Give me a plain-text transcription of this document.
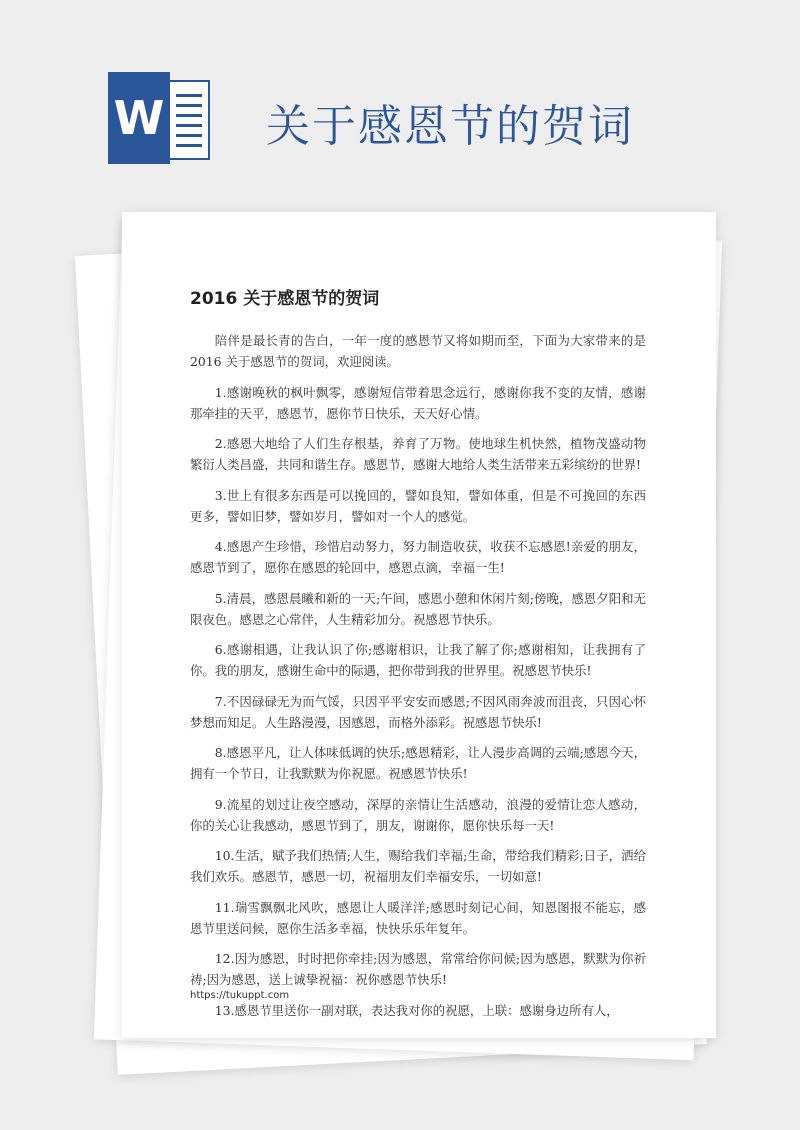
W 关于感恩节的贺词
2016 关于感恩节的贺词

陪伴是最长青的告白，一年一度的感恩节又将如期而至，下面为大家带来的是 2016 关于感恩节的贺词，欢迎阅读。

1.感谢晚秋的枫叶飘零，感谢短信带着思念远行，感谢你我不变的友情，感谢那牵挂的天平，感恩节，愿你节日快乐，天天好心情。

2.感恩大地给了人们生存根基，养育了万物。使地球生机快然，植物茂盛动物繁衍人类昌盛，共同和谐生存。感恩节，感谢大地给人类生活带来五彩缤纷的世界!

3.世上有很多东西是可以挽回的，譬如良知，譬如体重，但是不可挽回的东西更多，譬如旧梦，譬如岁月，譬如对一个人的感觉。

4.感恩产生珍惜，珍惜启动努力，努力制造收获，收获不忘感恩!亲爱的朋友，感恩节到了，愿你在感恩的轮回中，感恩点滴，幸福一生!

5.清晨，感恩晨曦和新的一天;午间，感恩小憩和休闲片刻;傍晚，感恩夕阳和无限夜色。感恩之心常伴，人生精彩加分。祝感恩节快乐。

6.感谢相遇，让我认识了你;感谢相识，让我了解了你;感谢相知，让我拥有了你。我的朋友，感谢生命中的际遇，把你带到我的世界里。祝感恩节快乐!

7.不因碌碌无为而气馁，只因平平安安而感恩;不因风雨奔波而沮丧，只因心怀梦想而知足。人生路漫漫，因感恩，而格外添彩。祝感恩节快乐!

8.感恩平凡，让人体味低调的快乐;感恩精彩，让人漫步高调的云端;感恩今天，拥有一个节日，让我默默为你祝愿。祝感恩节快乐!

9.流星的划过让夜空感动，深厚的亲情让生活感动，浪漫的爱情让恋人感动，你的关心让我感动，感恩节到了，朋友，谢谢你，愿你快乐每一天!

10.生活，赋予我们热情;人生，赐给我们幸福;生命，带给我们精彩;日子，洒给我们欢乐。感恩节，感恩一切，祝福朋友们幸福安乐，一切如意!

11.瑞雪飘飘北风吹，感恩让人暖洋洋;感恩时刻记心间，知恩图报不能忘，感恩节里送问候，愿你生活多幸福，快快乐乐年复年。

12.因为感恩，时时把你牵挂;因为感恩，常常给你问候;因为感恩，默默为你祈祷;因为感恩，送上诚挚祝福：祝你感恩节快乐!

13.感恩节里送你一副对联，表达我对你的祝愿，上联：感谢身边所有人，

https://tukuppt.com
